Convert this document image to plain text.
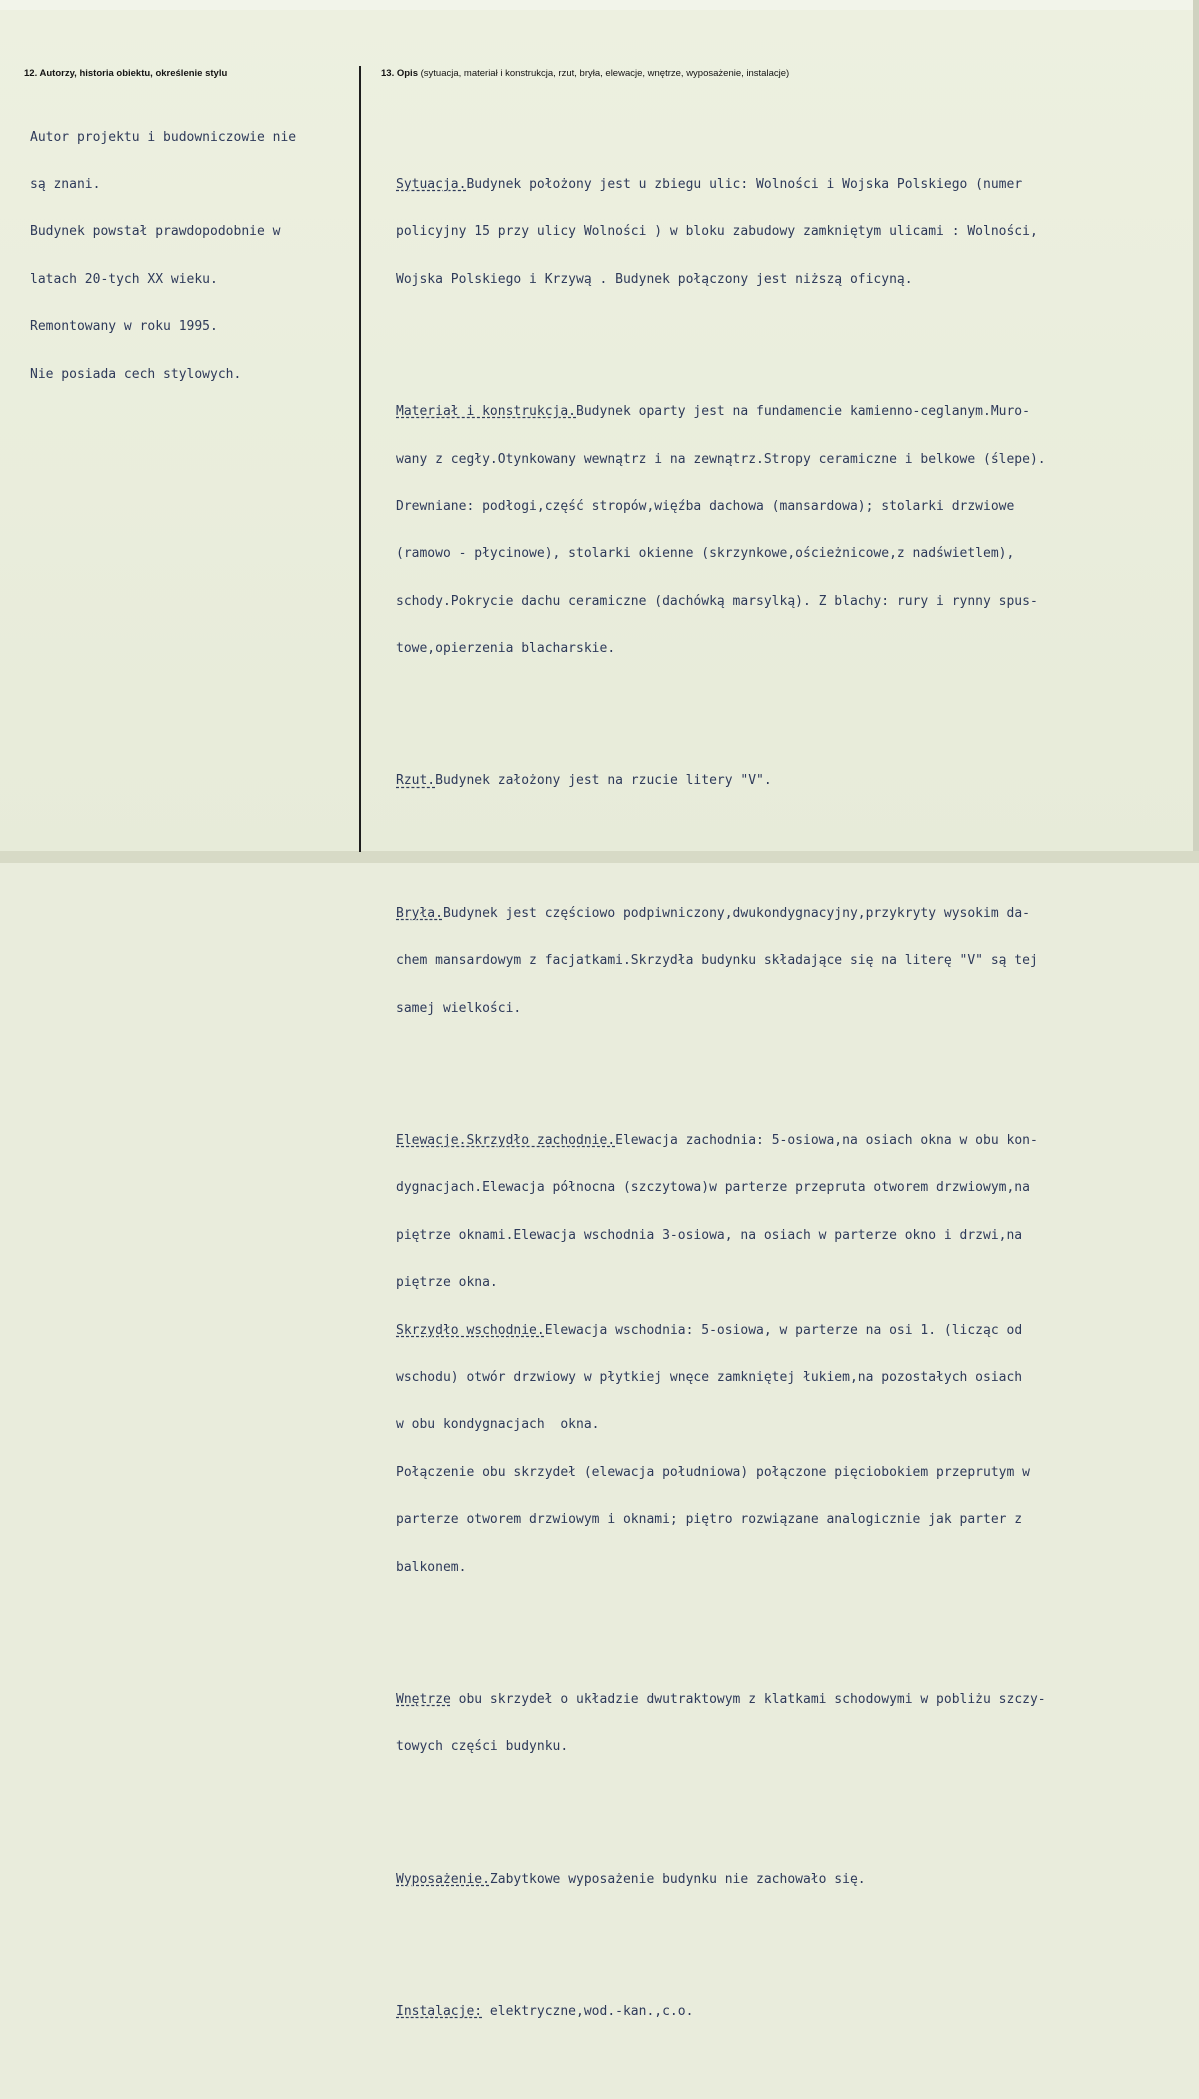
12. Autorzy, historia obiektu, określenie stylu	13. Opis (sytuacja, materiał i konstrukcja, rzut, bryła, elewacje, wnętrze, wyposażenie, instalacje)

Autor projektu i budowniczowie nie

są znani.

Budynek powstał prawdopodobnie w

latach 20-tych XX wieku.

Remontowany w roku 1995.

Nie posiada cech stylowych.

Sytuacja.Budynek położony jest u zbiegu ulic: Wolności i Wojska Polskiego (numer

policyjny 15 przy ulicy Wolności ) w bloku zabudowy zamkniętym ulicami : Wolności,

Wojska Polskiego i Krzywą . Budynek połączony jest niższą oficyną.

Materiał i konstrukcja.Budynek oparty jest na fundamencie kamienno-ceglanym.Muro-

wany z cegły.Otynkowany wewnątrz i na zewnątrz.Stropy ceramiczne i belkowe (ślepe).

Drewniane: podłogi,część stropów,więźba dachowa (mansardowa); stolarki drzwiowe

(ramowo - płycinowe), stolarki okienne (skrzynkowe,ościeżnicowe,z nadświetlem),

schody.Pokrycie dachu ceramiczne (dachówką marsylką). Z blachy: rury i rynny spus-

towe,opierzenia blacharskie.

Rzut.Budynek założony jest na rzucie litery "V".

Bryła.Budynek jest częściowo podpiwniczony,dwukondygnacyjny,przykryty wysokim da-

chem mansardowym z facjatkami.Skrzydła budynku składające się na literę "V" są tej

samej wielkości.

Elewacje.Skrzydło zachodnie.Elewacja zachodnia: 5-osiowa,na osiach okna w obu kon-

dygnacjach.Elewacja północna (szczytowa)w parterze przepruta otworem drzwiowym,na

piętrze oknami.Elewacja wschodnia 3-osiowa, na osiach w parterze okno i drzwi,na

piętrze okna.

Skrzydło wschodnie.Elewacja wschodnia: 5-osiowa, w parterze na osi 1. (licząc od

wschodu) otwór drzwiowy w płytkiej wnęce zamkniętej łukiem,na pozostałych osiach

w obu kondygnacjach  okna.

Połączenie obu skrzydeł (elewacja południowa) połączone pięciobokiem przeprutym w

parterze otworem drzwiowym i oknami; piętro rozwiązane analogicznie jak parter z

balkonem.

Wnętrze obu skrzydeł o układzie dwutraktowym z klatkami schodowymi w pobliżu szczy-

towych części budynku.

Wyposażenie.Zabytkowe wyposażenie budynku nie zachowało się.

Instalacje: elektryczne,wod.-kan.,c.o.
